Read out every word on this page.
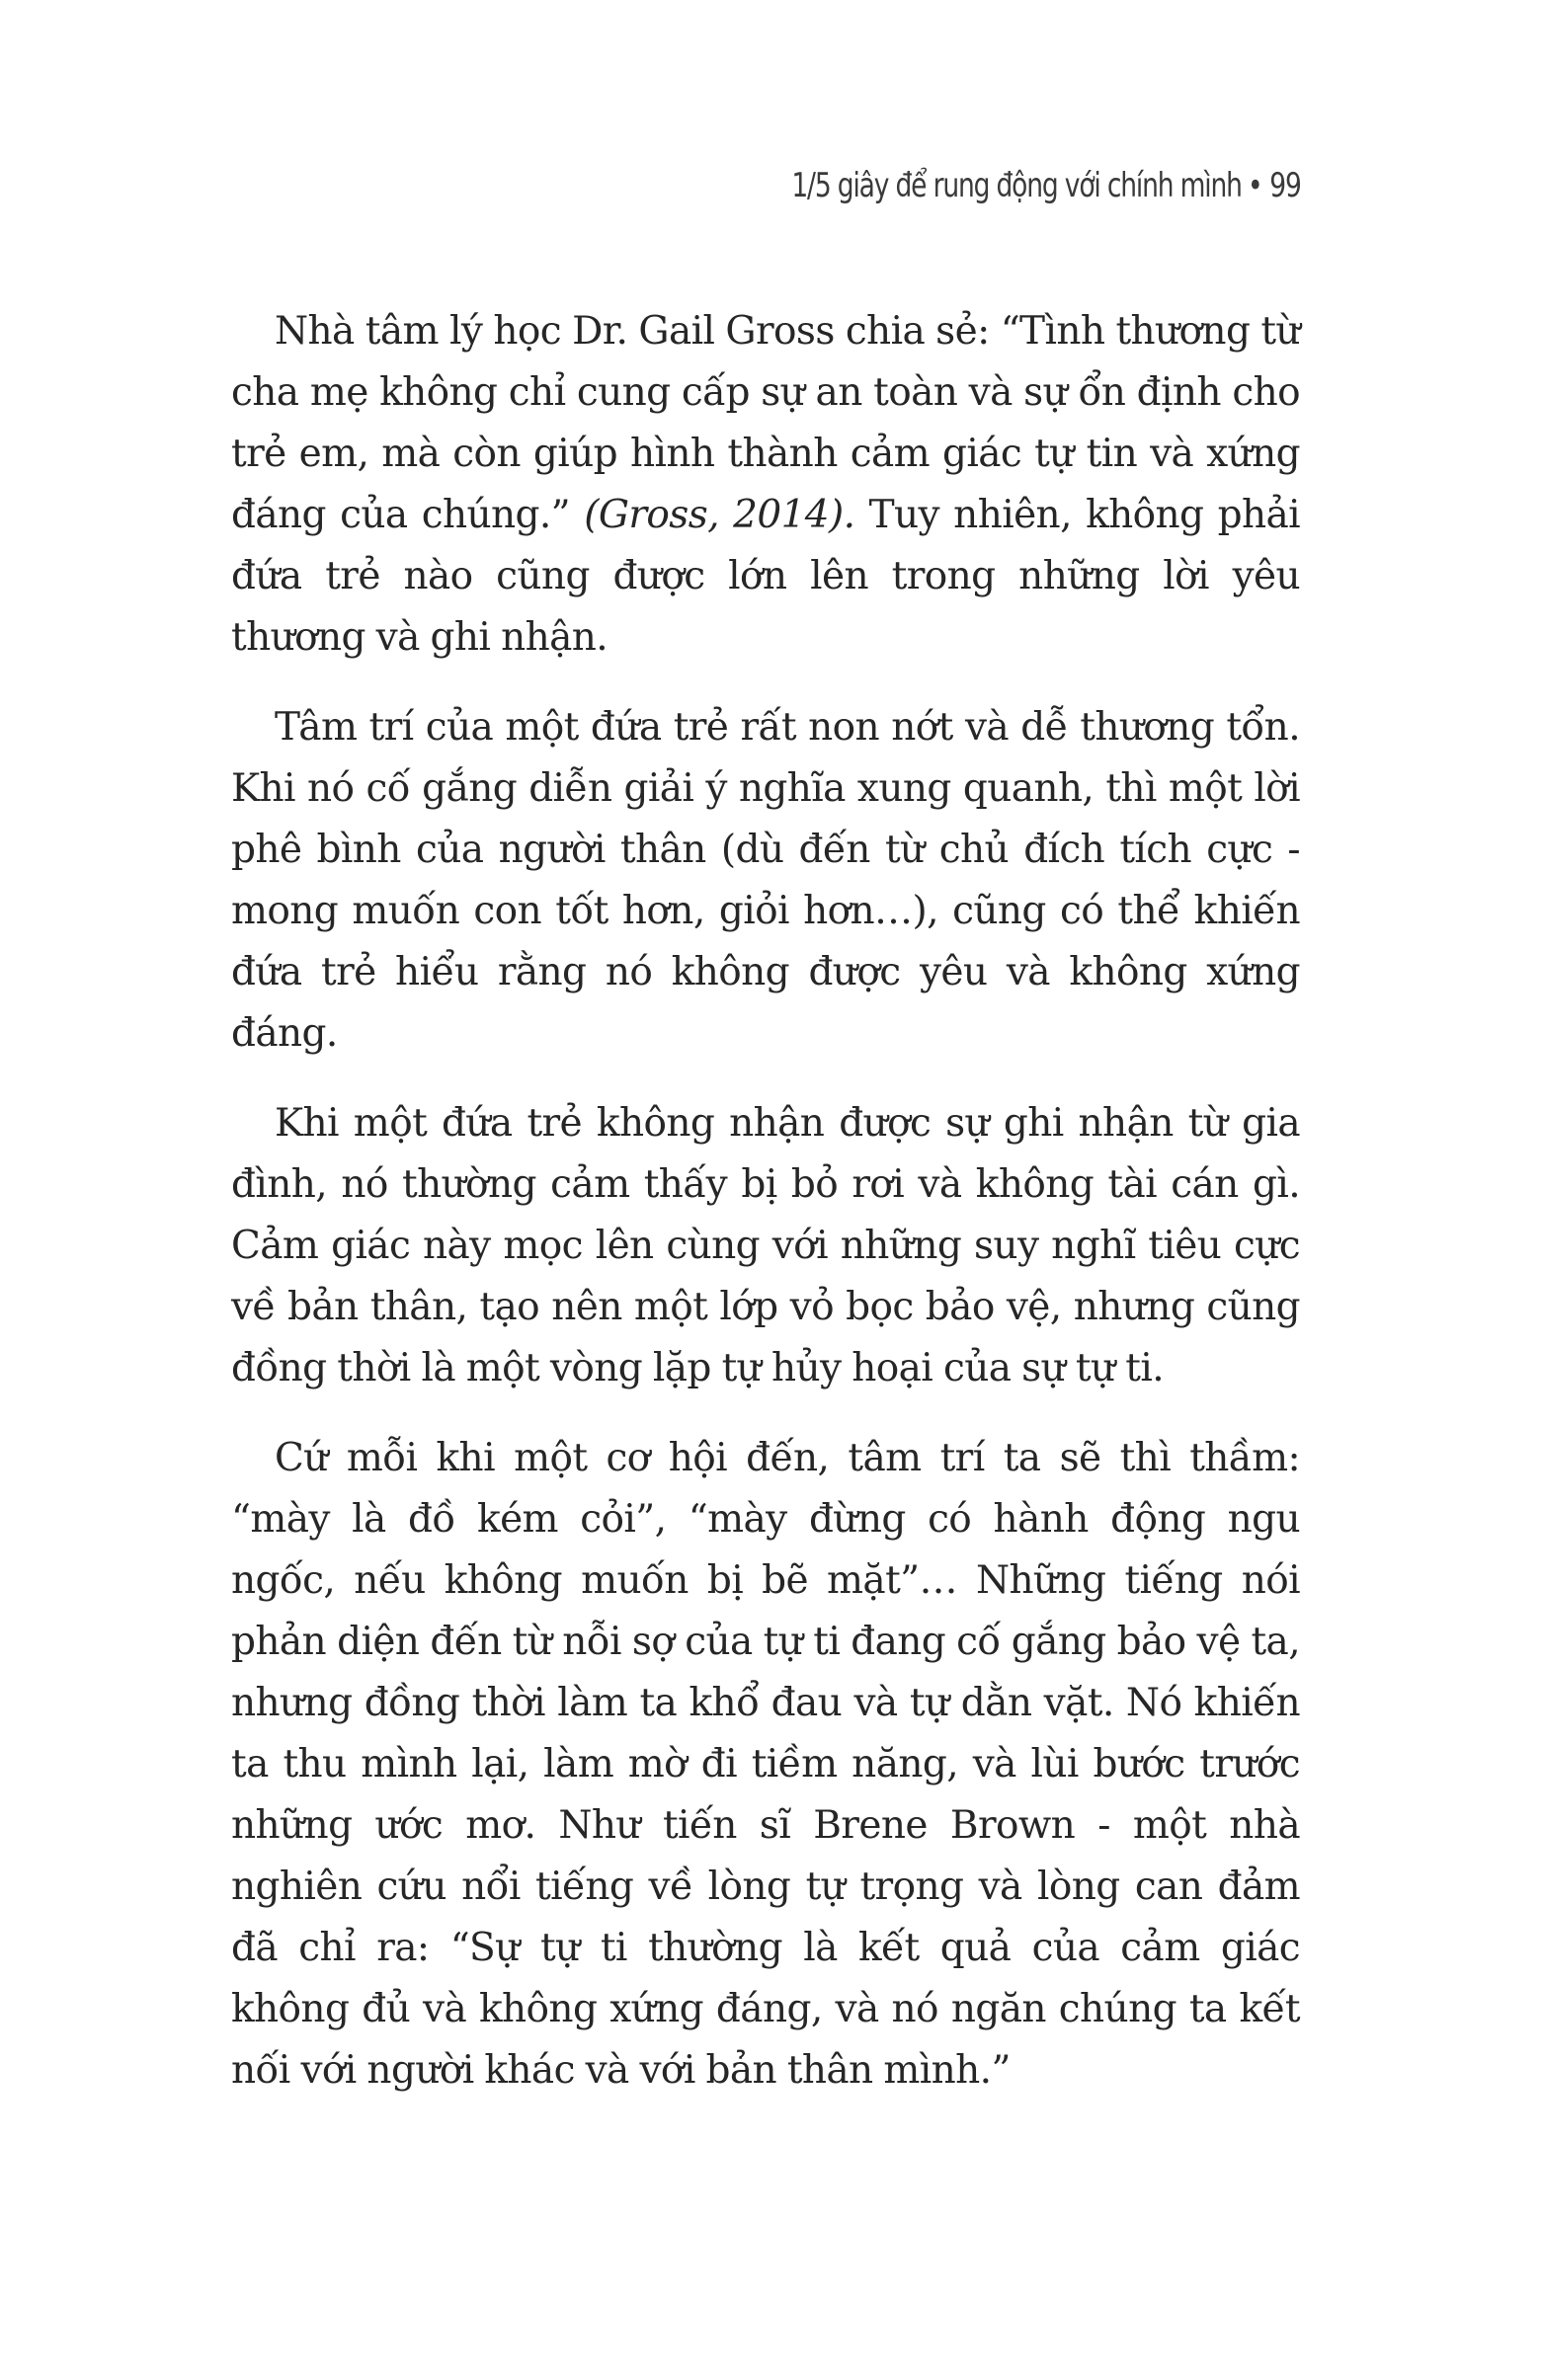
1/5 giây để rung động với chính mình • 99

Nhà tâm lý học Dr. Gail Gross chia sẻ: “Tình thương từ cha mẹ không chỉ cung cấp sự an toàn và sự ổn định cho trẻ em, mà còn giúp hình thành cảm giác tự tin và xứng đáng của chúng.” (Gross, 2014). Tuy nhiên, không phải đứa trẻ nào cũng được lớn lên trong những lời yêu thương và ghi nhận.

Tâm trí của một đứa trẻ rất non nớt và dễ thương tổn. Khi nó cố gắng diễn giải ý nghĩa xung quanh, thì một lời phê bình của người thân (dù đến từ chủ đích tích cực - mong muốn con tốt hơn, giỏi hơn…), cũng có thể khiến đứa trẻ hiểu rằng nó không được yêu và không xứng đáng.

Khi một đứa trẻ không nhận được sự ghi nhận từ gia đình, nó thường cảm thấy bị bỏ rơi và không tài cán gì. Cảm giác này mọc lên cùng với những suy nghĩ tiêu cực về bản thân, tạo nên một lớp vỏ bọc bảo vệ, nhưng cũng đồng thời là một vòng lặp tự hủy hoại của sự tự ti.

Cứ mỗi khi một cơ hội đến, tâm trí ta sẽ thì thầm: “mày là đồ kém cỏi”, “mày đừng có hành động ngu ngốc, nếu không muốn bị bẽ mặt”… Những tiếng nói phản diện đến từ nỗi sợ của tự ti đang cố gắng bảo vệ ta, nhưng đồng thời làm ta khổ đau và tự dằn vặt. Nó khiến ta thu mình lại, làm mờ đi tiềm năng, và lùi bước trước những ước mơ. Như tiến sĩ Brene Brown - một nhà nghiên cứu nổi tiếng về lòng tự trọng và lòng can đảm đã chỉ ra: “Sự tự ti thường là kết quả của cảm giác không đủ và không xứng đáng, và nó ngăn chúng ta kết nối với người khác và với bản thân mình.”
